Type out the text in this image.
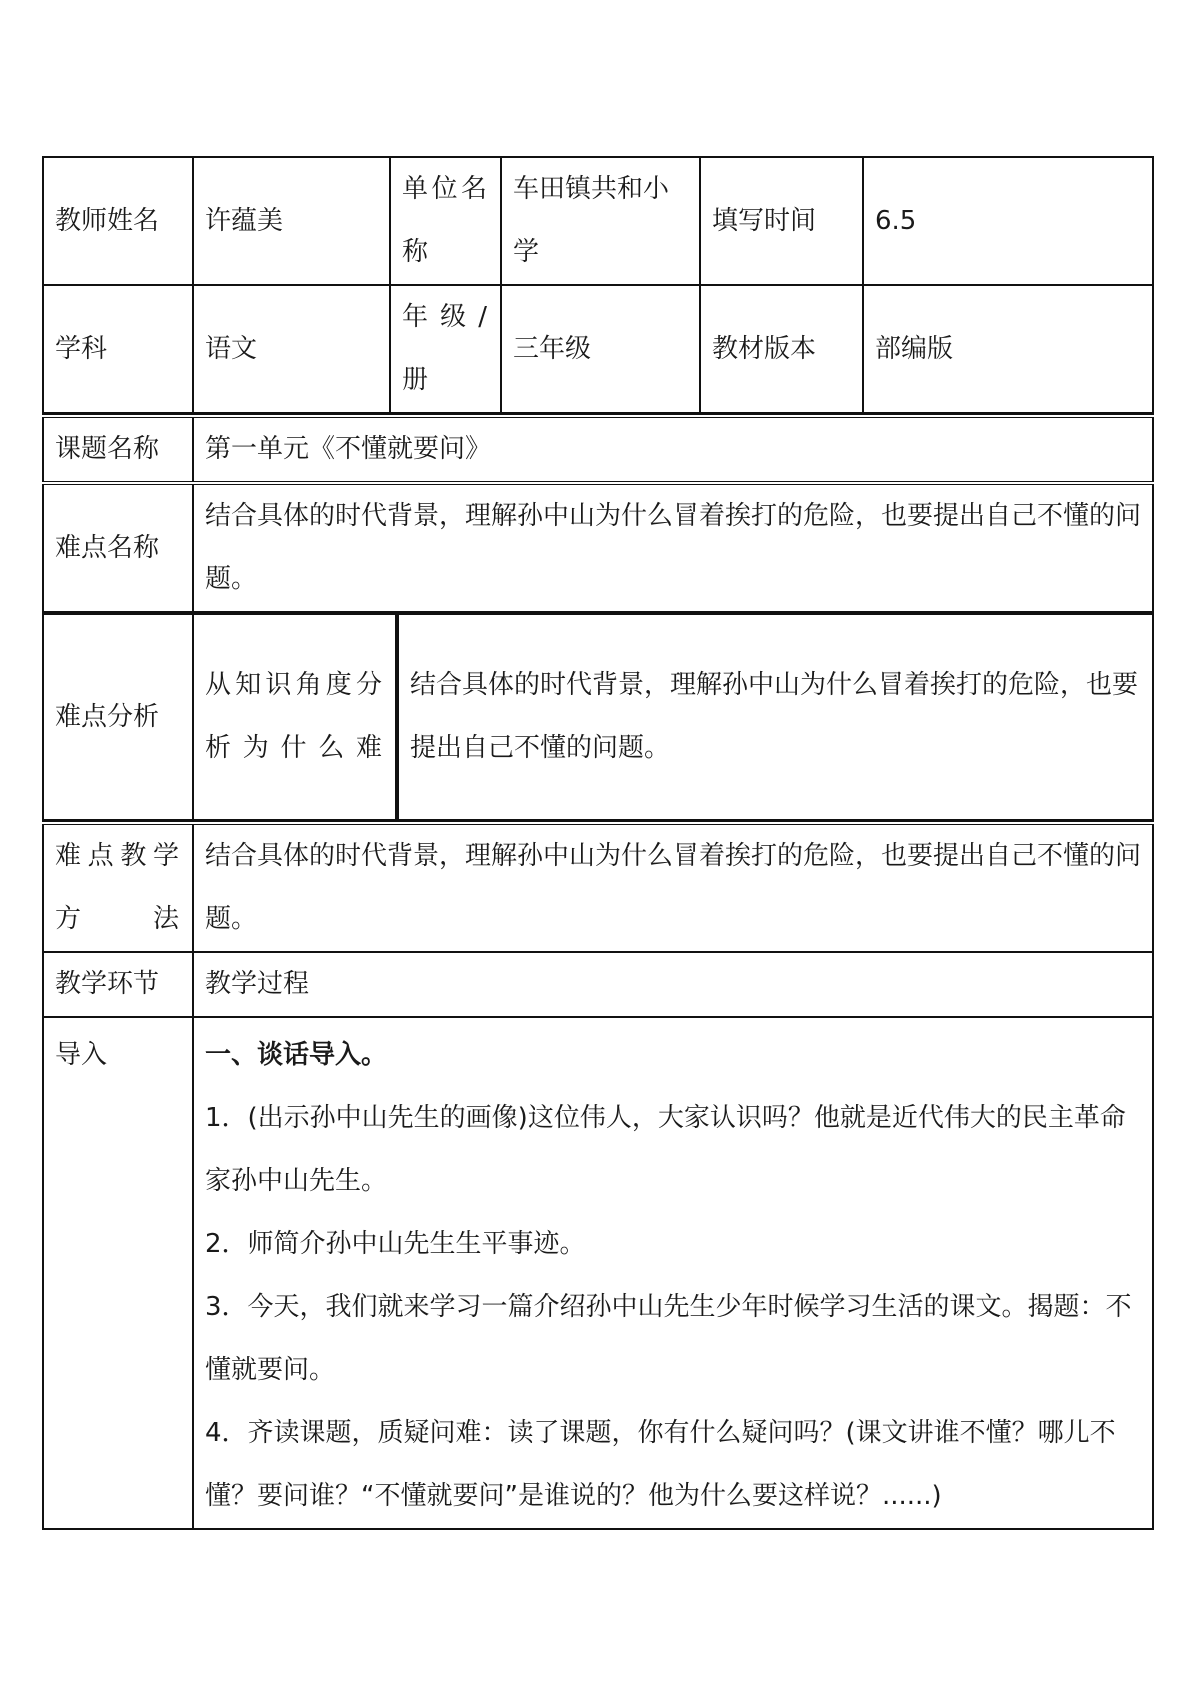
教师姓名	许蕴美	单位名称	车田镇共和小学	填写时间	6.5
学科	语文	年级/册	三年级	教材版本	部编版
课题名称	第一单元《不懂就要问》
难点名称	结合具体的时代背景，理解孙中山为什么冒着挨打的危险，也要提出自己不懂的问题。
难点分析	从知识角度分析为什么难	结合具体的时代背景，理解孙中山为什么冒着挨打的危险，也要提出自己不懂的问题。
难点教学方法	结合具体的时代背景，理解孙中山为什么冒着挨打的危险，也要提出自己不懂的问题。
教学环节	教学过程
导入	一、谈话导入。

1．(出示孙中山先生的画像)这位伟人，大家认识吗？他就是近代伟大的民主革命家孙中山先生。

2．师简介孙中山先生生平事迹。

3．今天，我们就来学习一篇介绍孙中山先生少年时候学习生活的课文。揭题：不懂就要问。

4．齐读课题，质疑问难：读了课题，你有什么疑问吗？(课文讲谁不懂？哪儿不懂？要问谁？“不懂就要问”是谁说的？他为什么要这样说？......)
